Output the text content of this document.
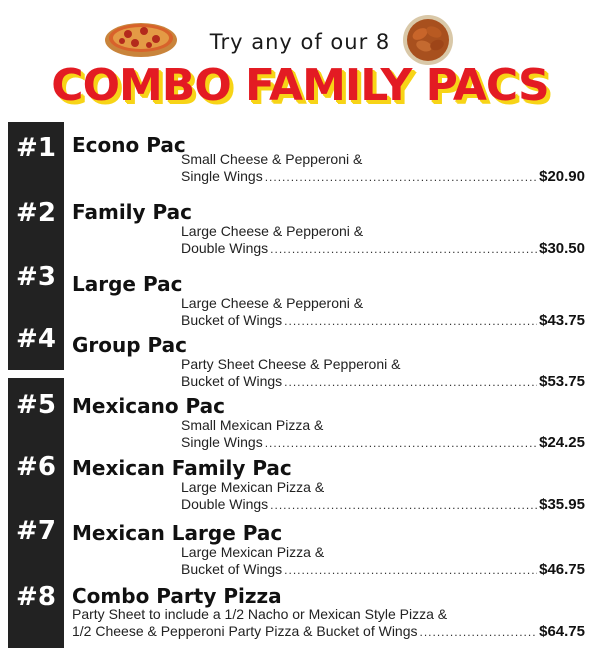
Try any of our 8
COMBO FAMILY PACS
#1 Econo Pac
Small Cheese & Pepperoni &
Single Wings .....	$20.90
#2 Family Pac
Large Cheese & Pepperoni &
Double Wings .....	$30.50
#3 Large Pac
Large Cheese & Pepperoni &
Bucket of Wings .....	$43.75
#4 Group Pac
Party Sheet Cheese & Pepperoni &
Bucket of Wings .....	$53.75
#5 Mexicano Pac
Small Mexican Pizza &
Single Wings .....	$24.25
#6 Mexican Family Pac
Large Mexican Pizza &
Double Wings .....	$35.95
#7 Mexican Large Pac
Large Mexican Pizza &
Bucket of Wings .....	$46.75
#8 Combo Party Pizza
Party Sheet to include a 1/2 Nacho or Mexican Style Pizza &
1/2 Cheese & Pepperoni Party Pizza & Bucket of Wings .....	$64.75
